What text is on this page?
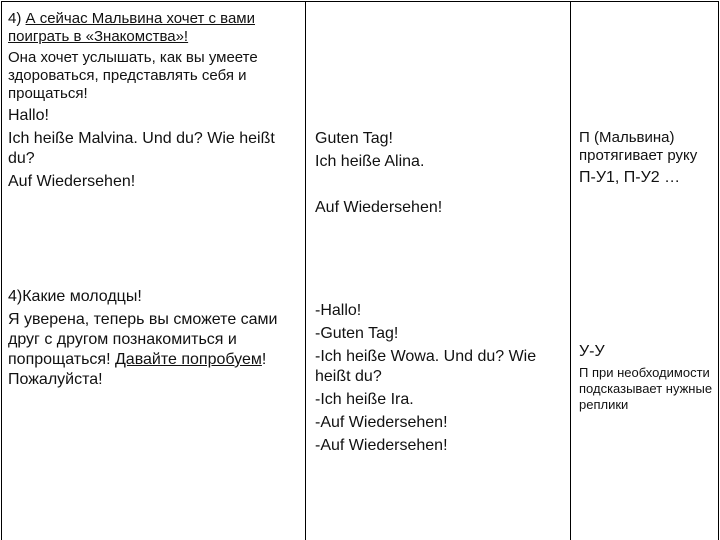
4) А сейчас Мальвина хочет с вами поиграть в «Знакомства»!

Она хочет услышать, как вы умеете здороваться, представлять себя и прощаться!

Hallo!

Ich heiße Malvina. Und du? Wie heißt du?

Auf Wiedersehen!

4)Какие молодцы!

Я уверена, теперь вы сможете сами друг с другом познакомиться и попрощаться! Давайте попробуем! Пожалуйста!

Guten Tag!

Ich heiße Alina.

Auf Wiedersehen!

-Hallo!

-Guten Tag!

-Ich heiße Wowa. Und du? Wie heißt du?

-Ich heiße Ira.

-Auf Wiedersehen!

-Auf Wiedersehen!

П (Мальвина) протягивает руку

П-У1, П-У2 …

У-У

П при необходимости подсказывает нужные реплики
